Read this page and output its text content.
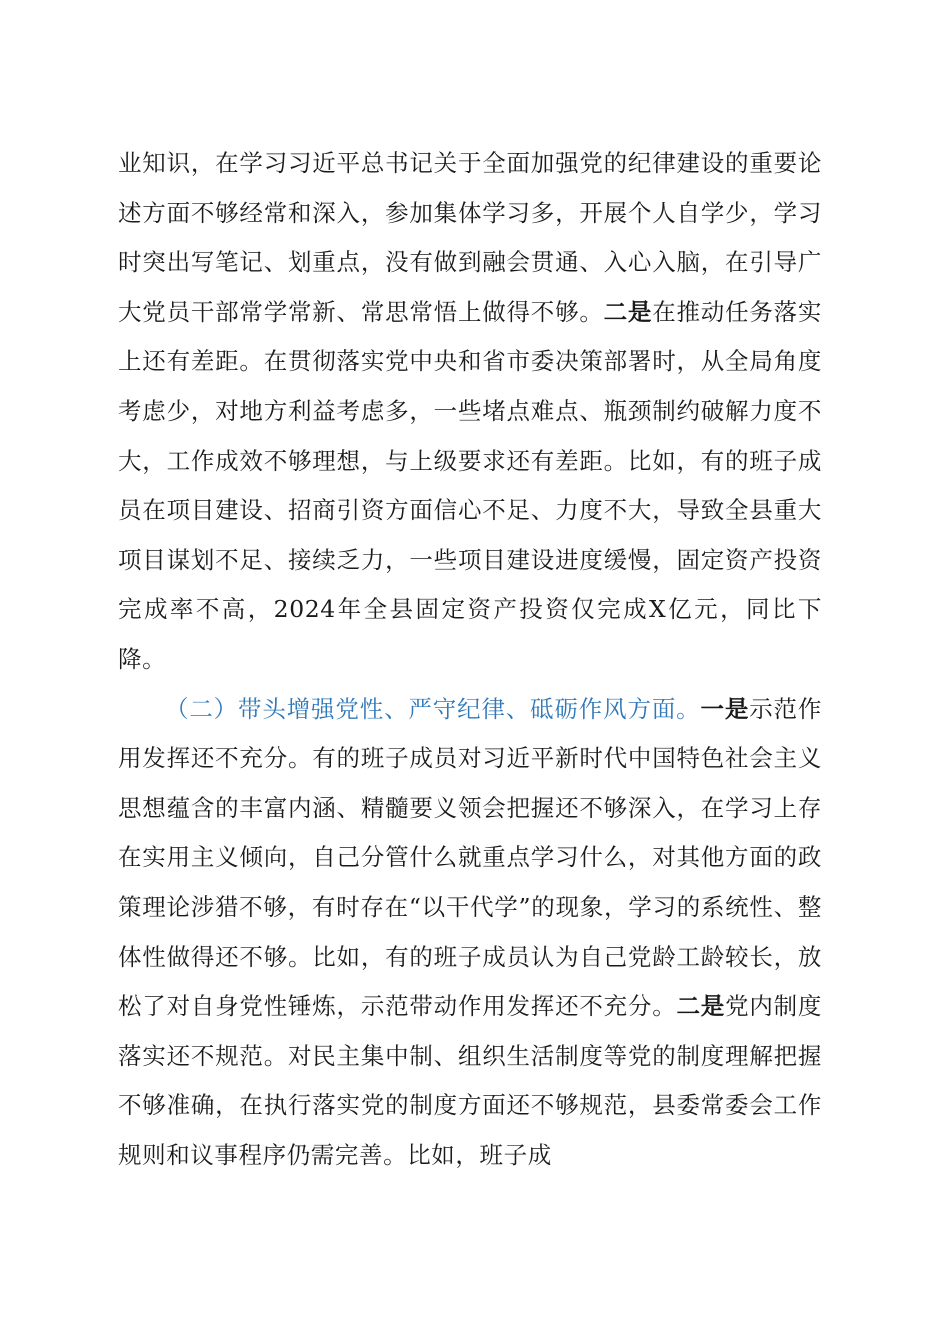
业知识，在学习习近平总书记关于全面加强党的纪律建设的重要论述方面不够经常和深入，参加集体学习多，开展个人自学少，学习时突出写笔记、划重点，没有做到融会贯通、入心入脑，在引导广大党员干部常学常新、常思常悟上做得不够。二是在推动任务落实上还有差距。在贯彻落实党中央和省市委决策部署时，从全局角度考虑少，对地方利益考虑多，一些堵点难点、瓶颈制约破解力度不大，工作成效不够理想，与上级要求还有差距。比如，有的班子成员在项目建设、招商引资方面信心不足、力度不大，导致全县重大项目谋划不足、接续乏力，一些项目建设进度缓慢，固定资产投资完成率不高，2024年全县固定资产投资仅完成X亿元，同比下降。

（二）带头增强党性、严守纪律、砥砺作风方面。一是示范作用发挥还不充分。有的班子成员对习近平新时代中国特色社会主义思想蕴含的丰富内涵、精髓要义领会把握还不够深入，在学习上存在实用主义倾向，自己分管什么就重点学习什么，对其他方面的政策理论涉猎不够，有时存在“以干代学”的现象，学习的系统性、整体性做得还不够。比如，有的班子成员认为自己党龄工龄较长，放松了对自身党性锤炼，示范带动作用发挥还不充分。二是党内制度落实还不规范。对民主集中制、组织生活制度等党的制度理解把握不够准确，在执行落实党的制度方面还不够规范，县委常委会工作规则和议事程序仍需完善。比如，班子成
